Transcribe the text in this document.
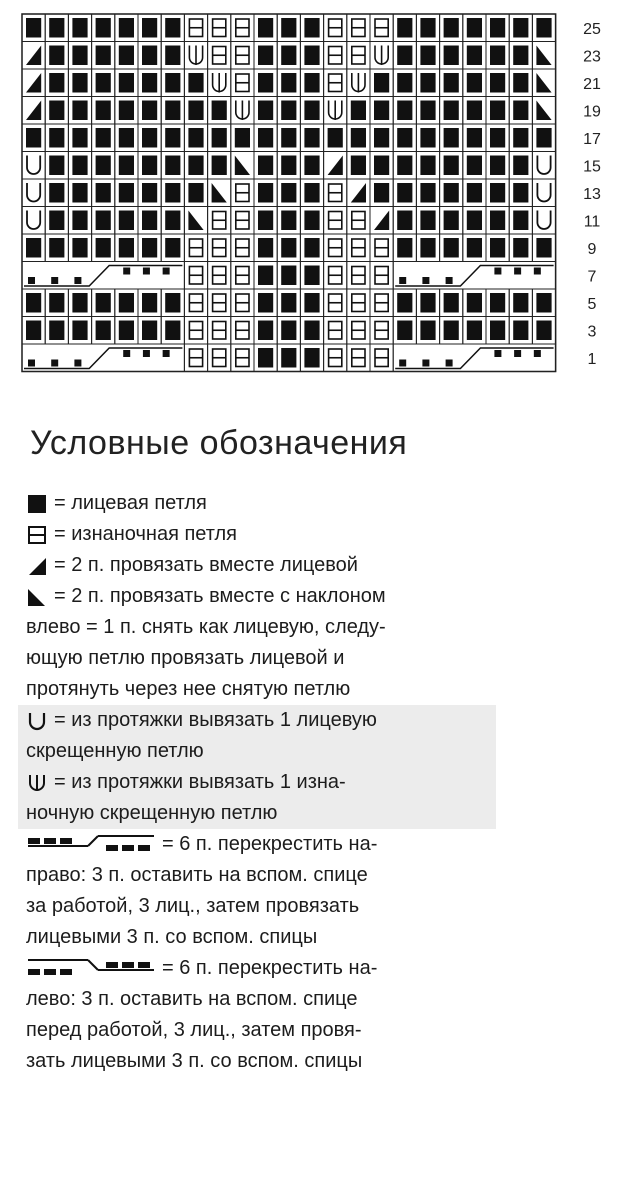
25
23
21
19
17
15
13
11
9
7
5
3
1
Условные обозначения
= лицевая петля
= изнаночная петля
= 2 п. провязать вместе лицевой
= 2 п. провязать вместе с наклоном
влево = 1 п. снять как лицевую, следу-
ющую петлю провязать лицевой и
протянуть через нее снятую петлю
= из протяжки вывязать 1 лицевую
скрещенную петлю
= из протяжки вывязать 1 изна-
ночную скрещенную петлю
= 6 п. перекрестить на-
право: 3 п. оставить на вспом. спице
за работой, 3 лиц., затем провязать
лицевыми 3 п. со вспом. спицы
= 6 п. перекрестить на-
лево: 3 п. оставить на вспом. спице
перед работой, 3 лиц., затем провя-
зать лицевыми 3 п. со вспом. спицы
